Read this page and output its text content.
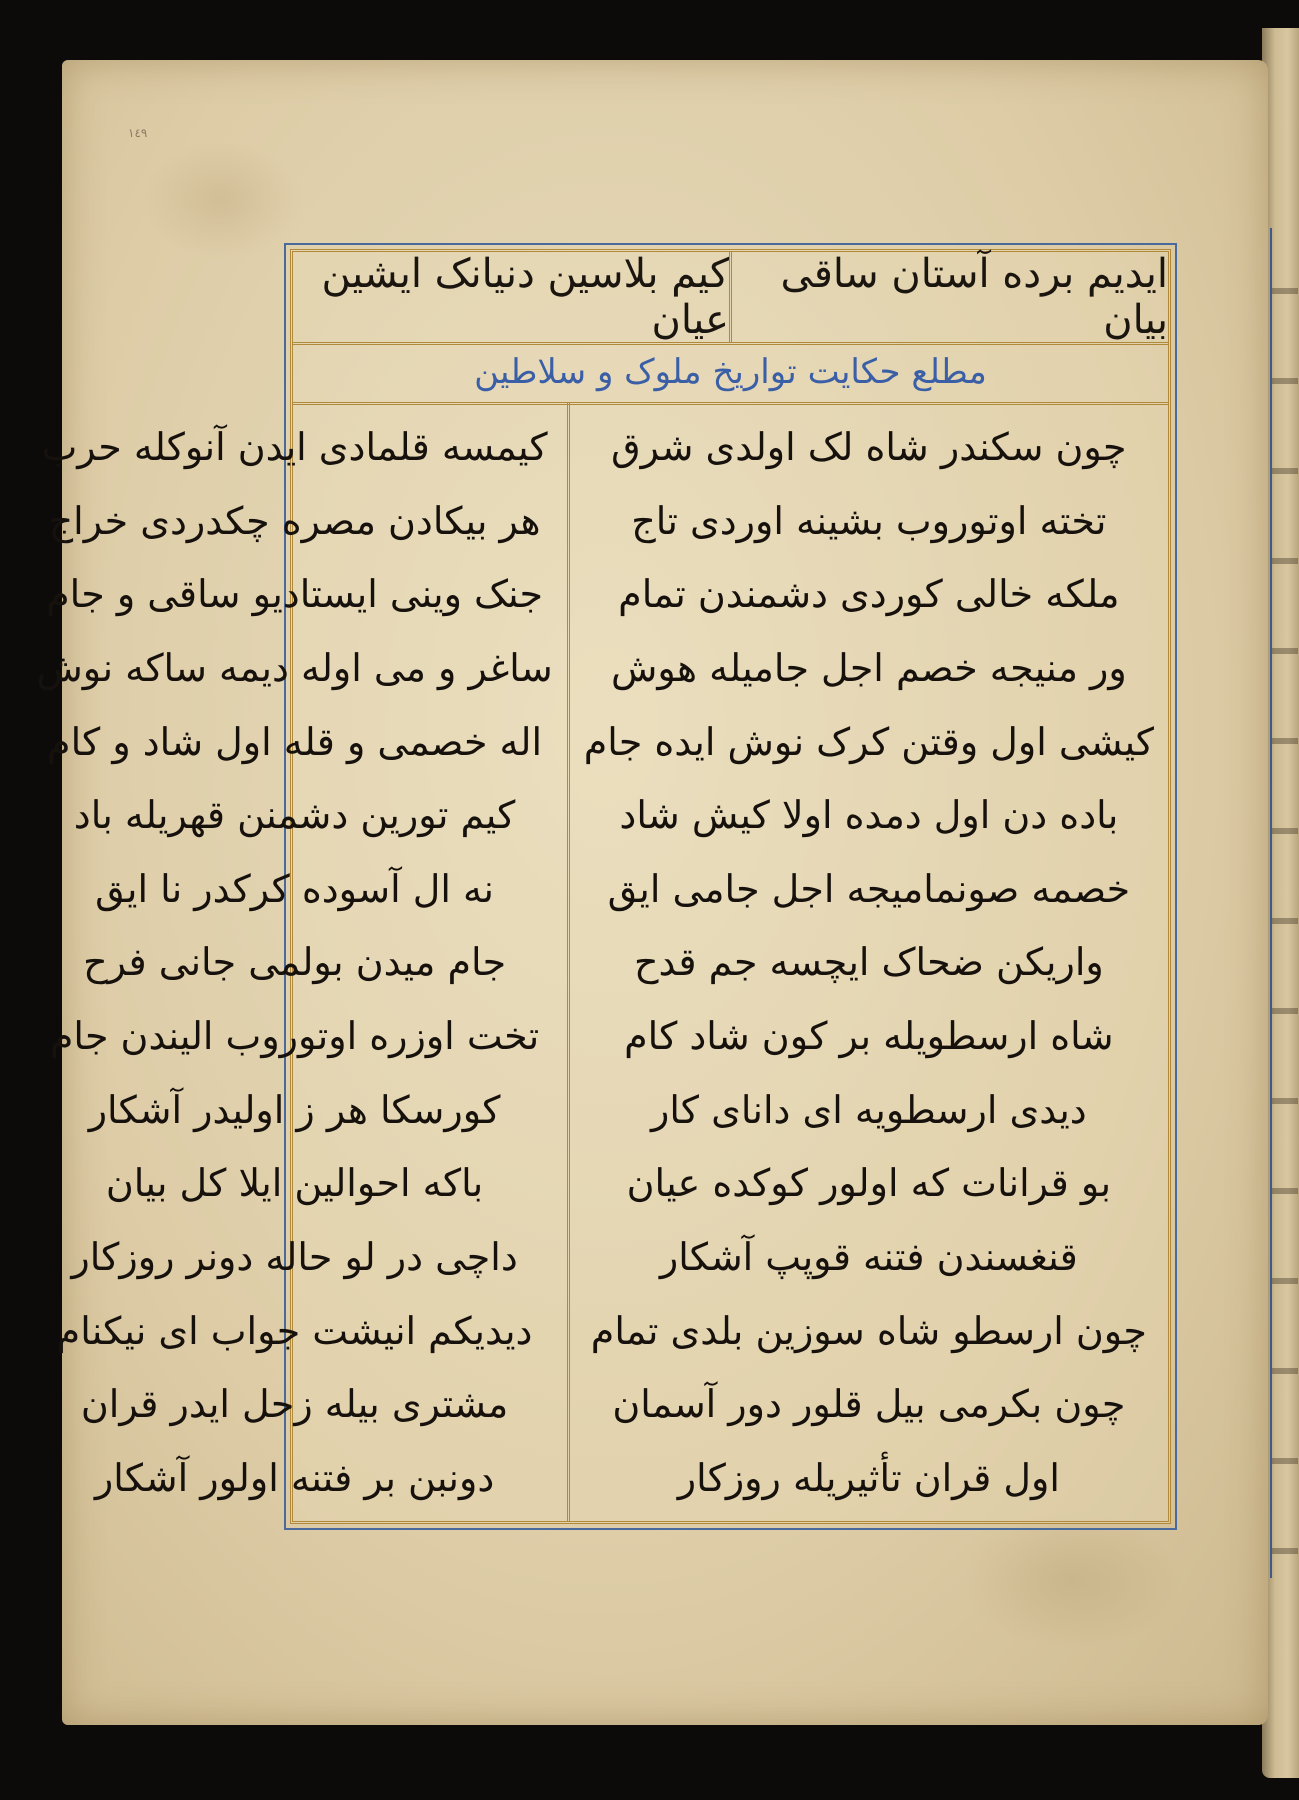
١٤٩
ایدیم برده آستان ساقی بیان
کیم بلاسین دنیانک ایشین عیان
مطلع حکایت تواریخ ملوک و سلاطین
چون سکندر شاه لک اولدی شرق
تخته اوتوروب بشینه اوردی تاج
ملکه خالی کوردی دشمندن تمام
ور منیجه خصم اجل جامیله هوش
کیشی اول وقتن کرک نوش ایده جام
باده دن اول دمده اولا کیش شاد
خصمه صونمامیجه اجل جامی ایق
واریکن ضحاک ایچسه جم قدح
شاه ارسطویله بر کون شاد کام
دیدی ارسطویه ای دانای کار
بو قرانات که اولور کوکده عیان
قنغسندن فتنه قوپپ آشکار
چون ارسطو شاه سوزین بلدی تمام
چون بکرمی بیل قلور دور آسمان
اول قران تأثیریله روزکار
کیمسه قلمادی ایدن آنوکله حرب
هر بیکادن مصره چکدردی خراج
جنک وینی ایستادیو ساقی و جام
ساغر و می اوله دیمه ساکه نوش
اله خصمی و قله اول شاد و کام
کیم تورین دشمنن قهریله باد
نه ال آسوده کرکدر نا ایق
جام میدن بولمی جانی فرح
تخت اوزره اوتوروب الیندن جام
کورسکا هر ز اولیدر آشکار
باکه احوالین ایلا کل بیان
داچی در لو حاله دونر روزکار
دیدیکم انیشت جواب ای نیکنام
مشتری بیله زحل ایدر قران
دونبن بر فتنه اولور آشکار
